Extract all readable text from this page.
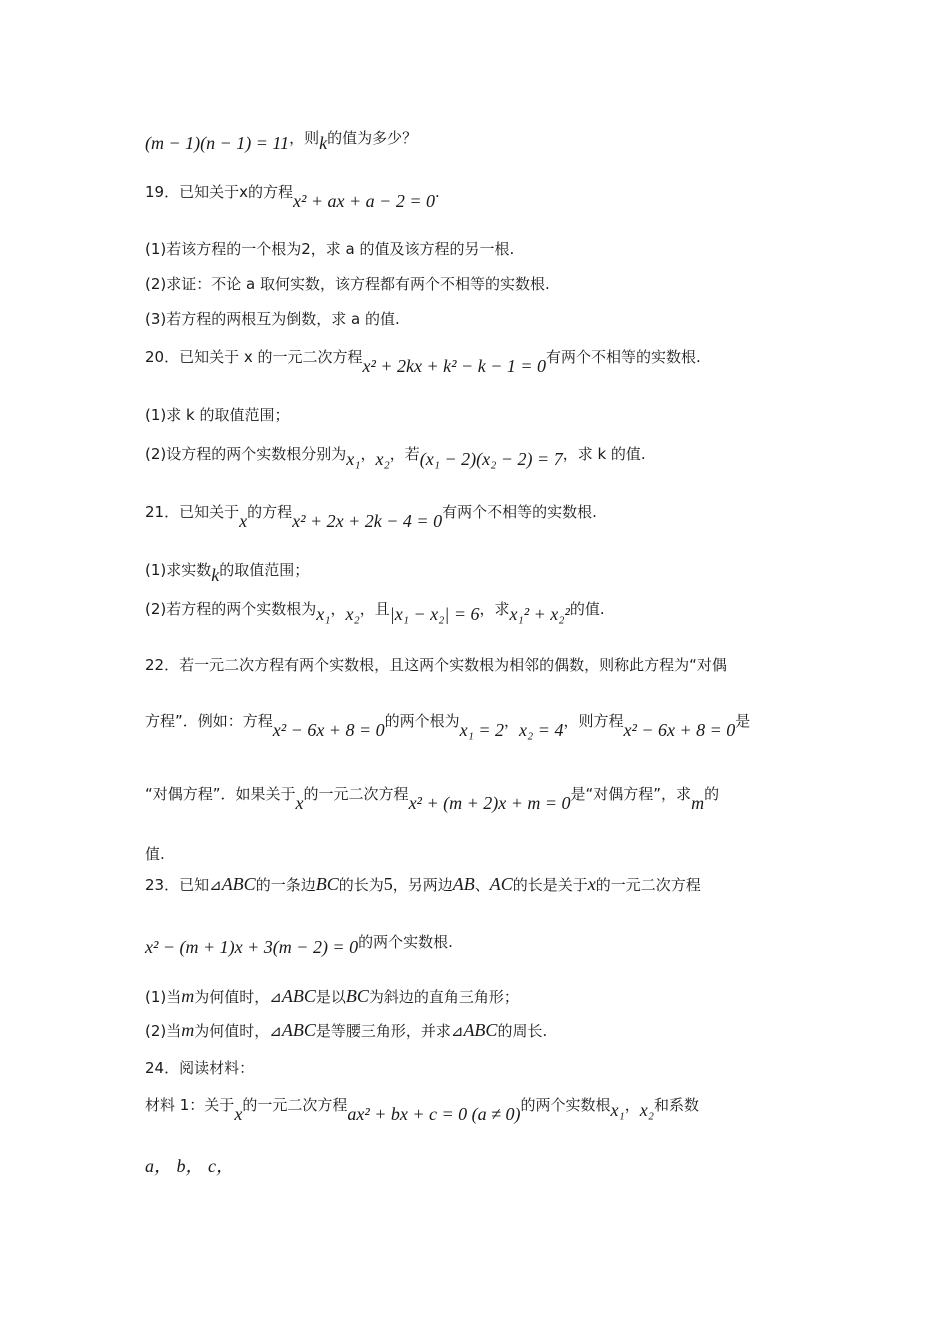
(m − 1)(n − 1) = 11，则k的值为多少？
19．已知关于x的方程x² + ax + a − 2 = 0.
(1)若该方程的一个根为2，求 a 的值及该方程的另一根.
(2)求证：不论 a 取何实数，该方程都有两个不相等的实数根.
(3)若方程的两根互为倒数，求 a 的值.
20．已知关于 x 的一元二次方程x² + 2kx + k² − k − 1 = 0有两个不相等的实数根.
(1)求 k 的取值范围；
(2)设方程的两个实数根分别为x₁，x₂，若(x₁ − 2)(x₂ − 2) = 7，求 k 的值.
21．已知关于x的方程x² + 2x + 2k − 4 = 0有两个不相等的实数根.
(1)求实数k的取值范围；
(2)若方程的两个实数根为x₁，x₂，且|x₁ − x₂| = 6，求x₁² + x₂²的值.
22．若一元二次方程有两个实数根，且这两个实数根为相邻的偶数，则称此方程为“对偶
方程”．例如：方程x² − 6x + 8 = 0的两个根为x₁ = 2，x₂ = 4，则方程x² − 6x + 8 = 0是
“对偶方程”．如果关于x的一元二次方程x² + (m + 2)x + m = 0是“对偶方程”，求m的
值.
23．已知⊿ABC的一条边BC的长为5，另两边AB、AC的长是关于x的一元二次方程
x² − (m + 1)x + 3(m − 2) = 0的两个实数根.
(1)当m为何值时，⊿ABC是以BC为斜边的直角三角形；
(2)当m为何值时，⊿ABC是等腰三角形，并求⊿ABC的周长.
24．阅读材料：
材料 1：关于x的一元二次方程ax² + bx + c = 0 (a ≠ 0)的两个实数根x₁，x₂和系数
a， b， c，
